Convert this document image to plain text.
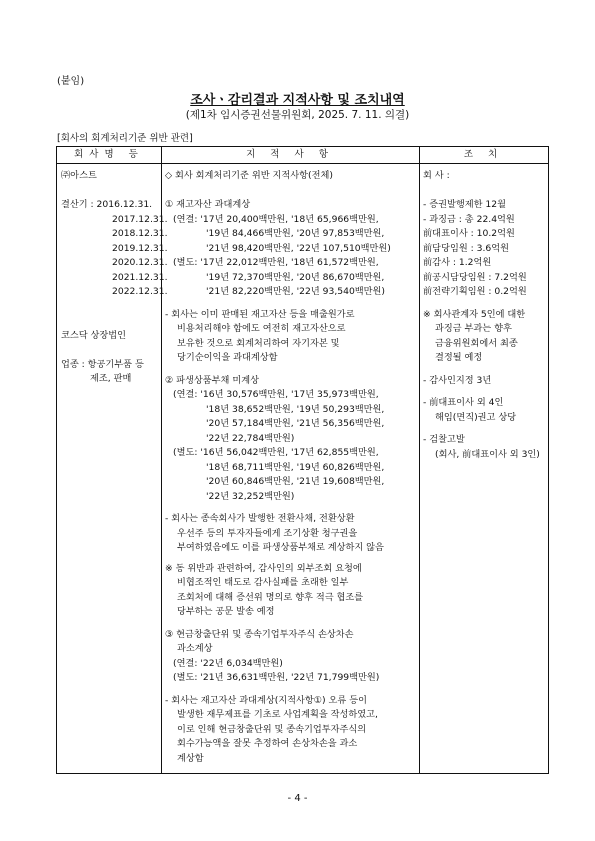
(붙임)
조사ㆍ감리결과 지적사항 및 조치내역
(제1차 임시증권선물위원회, 2025. 7. 11. 의결)
[회사의 회계처리기준 위반 관련]
회사명 등	지 적 사 항	조 치
㈜아스트
결산기 : 2016.12.31.
2017.12.31.
2018.12.31.
2019.12.31.
2020.12.31.
2021.12.31.
2022.12.31.
코스닥 상장법인
업종 : 항공기부품 등
제조, 판매
◇ 회사 회계처리기준 위반 지적사항(전체)
① 재고자산 과대계상
(연결: '17년 20,400백만원, '18년 65,966백만원,
'19년 84,466백만원, '20년 97,853백만원,
'21년 98,420백만원, '22년 107,510백만원)
(별도: '17년 22,012백만원, '18년 61,572백만원,
'19년 72,370백만원, '20년 86,670백만원,
'21년 82,220백만원, '22년 93,540백만원)
- 회사는 이미 판매된 재고자산 등을 매출원가로
비용처리해야 함에도 여전히 재고자산으로
보유한 것으로 회계처리하여 자기자본 및
당기순이익을 과대계상함
② 파생상품부채 미계상
(연결: '16년 30,576백만원, '17년 35,973백만원,
'18년 38,652백만원, '19년 50,293백만원,
'20년 57,184백만원, '21년 56,356백만원,
'22년 22,784백만원)
(별도: '16년 56,042백만원, '17년 62,855백만원,
'18년 68,711백만원, '19년 60,826백만원,
'20년 60,846백만원, '21년 19,608백만원,
'22년 32,252백만원)
- 회사는 종속회사가 발행한 전환사채, 전환상환
우선주 등의 투자자들에게 조기상환 청구권을
부여하였음에도 이를 파생상품부채로 계상하지 않음
※ 동 위반과 관련하여, 감사인의 외부조회 요청에
비협조적인 태도로 감사실패를 초래한 일부
조회처에 대해 증선위 명의로 향후 적극 협조를
당부하는 공문 발송 예정
③ 현금창출단위 및 종속기업투자주식 손상차손
과소계상
(연결: '22년 6,034백만원)
(별도: '21년 36,631백만원, '22년 71,799백만원)
- 회사는 재고자산 과대계상(지적사항①) 오류 등이
발생한 재무제표를 기초로 사업계획을 작성하였고,
이로 인해 현금창출단위 및 종속기업투자주식의
회수가능액을 잘못 추정하여 손상차손을 과소
계상함
회 사 :
- 증권발행제한 12월
- 과징금 : 총 22.4억원
前대표이사 : 10.2억원
前담당임원 : 3.6억원
前감사 : 1.2억원
前공시담당임원 : 7.2억원
前전략기획임원 : 0.2억원
※ 회사관계자 5인에 대한
과징금 부과는 향후
금융위원회에서 최종
결정될 예정
- 감사인지정 3년
- 前대표이사 외 4인
해임(면직)권고 상당
- 검찰고발
(회사, 前대표이사 외 3인)
- 4 -
